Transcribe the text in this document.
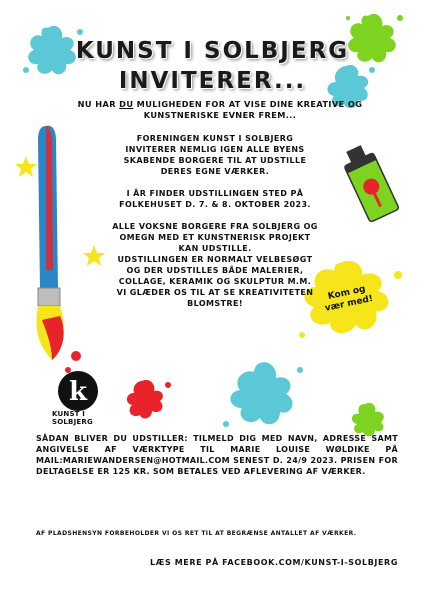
Kom og vær med!
k
KUNST I
SOLBJERG
KUNST I SOLBJERG
INVITERER...
NU HAR DU MULIGHEDEN FOR AT VISE DINE KREATIVE OG KUNSTNERISKE EVNER FREM...

FORENINGEN KUNST I SOLBJERG INVITERER NEMLIG IGEN ALLE BYENS SKABENDE BORGERE TIL AT UDSTILLE DERES EGNE VÆRKER.

I ÅR FINDER UDSTILLINGEN STED PÅ FOLKEHUSET D. 7. & 8. OKTOBER 2023.

ALLE VOKSNE BORGERE FRA SOLBJERG OG OMEGN MED ET KUNSTNERISK PROJEKT KAN UDSTILLE.

UDSTILLINGEN ER NORMALT VELBESØGT OG DER UDSTILLES BÅDE MALERIER, COLLAGE, KERAMIK OG SKULPTUR M.M.

VI GLÆDER OS TIL AT SE KREATIVITETEN BLOMSTRE!

SÅDAN BLIVER DU UDSTILLER: TILMELD DIG MED NAVN, ADRESSE SAMT ANGIVELSE AF VÆRKTYPE TIL MARIE LOUISE WØLDIKE PÅ MAIL:MARIEWANDERSEN@HOTMAIL.COM SENEST D. 24/9 2023. PRISEN FOR DELTAGELSE ER 125 KR. SOM BETALES VED AFLEVERING AF VÆRKER.
AF PLADSHENSYN FORBEHOLDER VI OS RET TIL AT BEGRÆNSE ANTALLET AF VÆRKER.
LÆS MERE PÅ FACEBOOK.COM/KUNST-I-SOLBJERG
